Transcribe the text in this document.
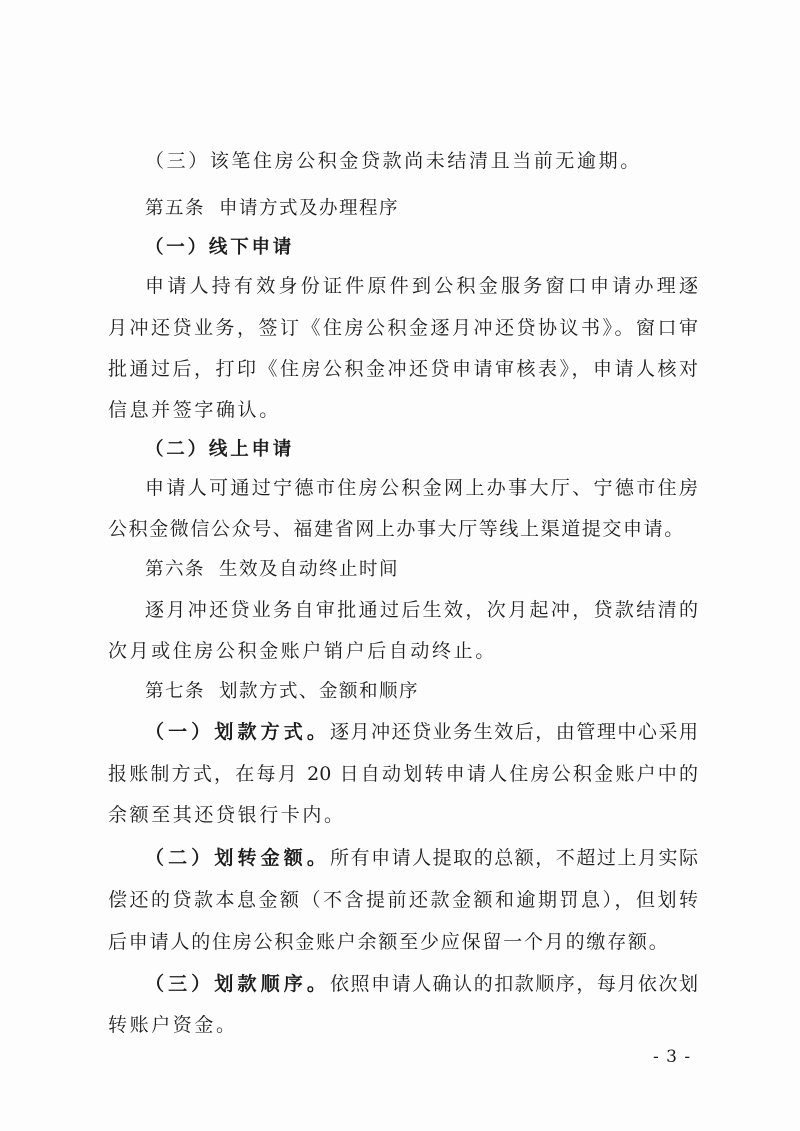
（三）该笔住房公积金贷款尚未结清且当前无逾期。
第五条 申请方式及办理程序
（一）线下申请
申请人持有效身份证件原件到公积金服务窗口申请办理逐
月冲还贷业务，签订《住房公积金逐月冲还贷协议书》。窗口审
批通过后，打印《住房公积金冲还贷申请审核表》，申请人核对
信息并签字确认。
（二）线上申请
申请人可通过宁德市住房公积金网上办事大厅、宁德市住房
公积金微信公众号、福建省网上办事大厅等线上渠道提交申请。
第六条 生效及自动终止时间
逐月冲还贷业务自审批通过后生效，次月起冲，贷款结清的
次月或住房公积金账户销户后自动终止。
第七条 划款方式、金额和顺序
（一）划款方式。逐月冲还贷业务生效后，由管理中心采用
报账制方式，在每月 20 日自动划转申请人住房公积金账户中的
余额至其还贷银行卡内。
（二）划转金额。所有申请人提取的总额，不超过上月实际
偿还的贷款本息金额（不含提前还款金额和逾期罚息），但划转
后申请人的住房公积金账户余额至少应保留一个月的缴存额。
（三）划款顺序。依照申请人确认的扣款顺序，每月依次划
转账户资金。
- 3 -
